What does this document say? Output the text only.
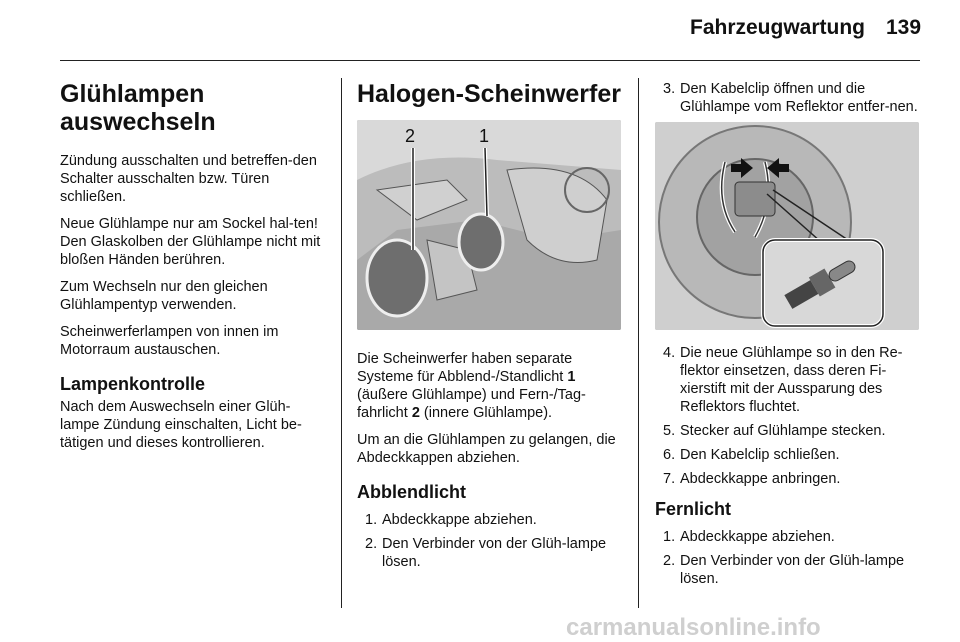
Fahrzeugwartung 139
Glühlampen
auswechseln

Zündung ausschalten und betreffen-den Schalter ausschalten bzw. Türen schließen.

Neue Glühlampe nur am Sockel hal-ten! Den Glaskolben der Glühlampe nicht mit bloßen Händen berühren.

Zum Wechseln nur den gleichen Glühlampentyp verwenden.

Scheinwerferlampen von innen im Motorraum austauschen.

Lampenkontrolle

Nach dem Auswechseln einer Glüh-lampe Zündung einschalten, Licht be-tätigen und dieses kontrollieren.

Halogen-Scheinwerfer
2	1

Die Scheinwerfer haben separate Systeme für Abblend-/Standlicht 1 (äußere Glühlampe) und Fern-/Tag-fahrlicht 2 (innere Glühlampe).

Um an die Glühlampen zu gelangen, die Abdeckkappen abziehen.

Abblendlicht
1. Abdeckkappe abziehen.
2. Den Verbinder von der Glüh-lampe lösen.
3. Den Kabelclip öffnen und die Glühlampe vom Reflektor entfer-nen.
4. Die neue Glühlampe so in den Re-flektor einsetzen, dass deren Fi-xierstift mit der Aussparung des Reflektors fluchtet.
5. Stecker auf Glühlampe stecken.
6. Den Kabelclip schließen.
7. Abdeckkappe anbringen.
Fernlicht
1. Abdeckkappe abziehen.
2. Den Verbinder von der Glüh-lampe lösen.
carmanualsonline.info
